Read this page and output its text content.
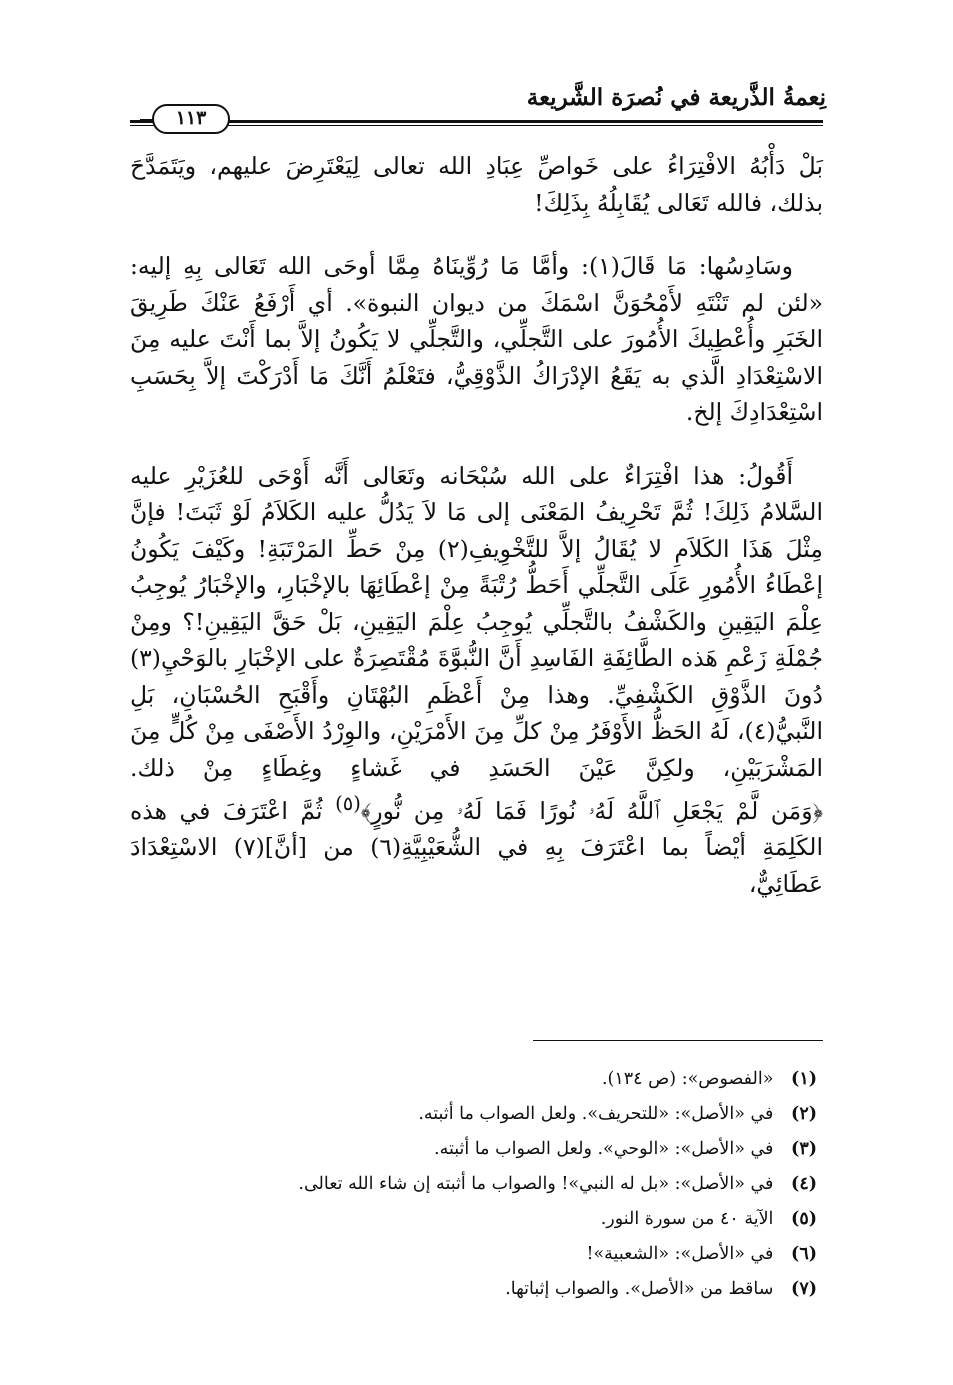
نِعمةُ الذَّريعة في نُصرَة الشَّريعة
١١٣

بَلْ دَأْبُهُ الافْتِرَاءُ على خَواصِّ عِبَادِ الله تعالى لِيَعْتَرِضَ عليهم، ويَتَمَدَّحَ بذلك، فالله تَعَالى يُقَابِلُهُ بِذَلِكَ!

وسَادِسُها: مَا قَالَ(١): وأمَّا مَا رُوِّينَاهُ مِمَّا أوحَى الله تَعَالى بِهِ إليه: «لئن لم تَنْتَهِ لأَمْحُوَنَّ اسْمَكَ من ديوان النبوة». أي أَرْفَعُ عَنْكَ طَرِيقَ الخَبَرِ وأُعْطِيكَ الأُمُورَ على التَّجلِّي، والتَّجلِّي لا يَكُونُ إلاَّ بما أَنْتَ عليه مِنَ الاسْتِعْدَادِ الَّذي به يَقَعُ الإدْرَاكُ الذَّوْقِيُّ، فتَعْلَمُ أَنَّكَ مَا أَدْرَكْتَ إلاَّ بِحَسَبِ اسْتِعْدَادِكَ إلخ.

أَقُولُ: هذا افْتِرَاءٌ على الله سُبْحَانه وتَعَالى أَنَّه أَوْحَى للعُزَيْرِ عليه السَّلامُ ذَلِكَ! ثُمَّ تَحْرِيفُ المَعْنَى إلى مَا لاَ يَدُلُّ عليه الكَلاَمُ لَوْ ثَبَتَ! فإنَّ مِثْلَ هَذَا الكَلاَمِ لا يُقَالُ إلاَّ للتَّخْوِيفِ(٢) مِنْ حَطِّ المَرْتَبَةِ! وكَيْفَ يَكُونُ إعْطَاءُ الأُمُورِ عَلَى التَّجلِّي أَحَطُّ رُتْبَةً مِنْ إعْطَائِهَا بالإخْبَارِ، والإخْبَارُ يُوجِبُ عِلْمَ اليَقِينِ والكَشْفُ بالتَّجلِّي يُوجِبُ عِلْمَ اليَقِينِ، بَلْ حَقَّ اليَقِينِ!؟ ومِنْ جُمْلَةِ زَعْمِ هَذه الطَّائِفَةِ الفَاسِدِ أَنَّ النُّبوَّةَ مُقْتَصِرَةٌ على الإخْبَارِ بالوَحْيِ(٣) دُونَ الذَّوْقِ الكَشْفِيِّ. وهذا مِنْ أَعْظَمِ البُهْتَانِ وأَقْبَحِ الحُسْبَانِ، بَلِ النَّبيُّ(٤)، لَهُ الحَظُّ الأَوْفَرُ مِنْ كلِّ مِنَ الأَمْرَيْنِ، والوِرْدُ الأَصْفَى مِنْ كُلٍّ مِنَ المَشْرَبَيْنِ، ولكِنَّ عَيْنَ الحَسَدِ في غَشاءٍ وغِطَاءٍ مِنْ ذلك. ﴿وَمَن لَّمْ يَجْعَلِ ٱللَّهُ لَهُۥ نُورًا فَمَا لَهُۥ مِن نُّورٍ﴾$^{(٥)}$ ثُمَّ اعْتَرَفَ في هذه الكَلِمَةِ أيْضاً بما اعْتَرَفَ بِهِ في الشُّعَيْبِيَّةِ(٦) من [أنَّ](٧) الاسْتِعْدَادَ عَطَائِيٌّ،

(١) «الفصوص»: (ص ١٣٤).
(٢) في «الأصل»: «للتحريف». ولعل الصواب ما أثبته.
(٣) في «الأصل»: «الوحي». ولعل الصواب ما أثبته.
(٤) في «الأصل»: «بل له النبي»! والصواب ما أثبته إن شاء الله تعالى.
(٥) الآية ٤٠ من سورة النور.
(٦) في «الأصل»: «الشعبية»!
(٧) ساقط من «الأصل». والصواب إثباتها.
